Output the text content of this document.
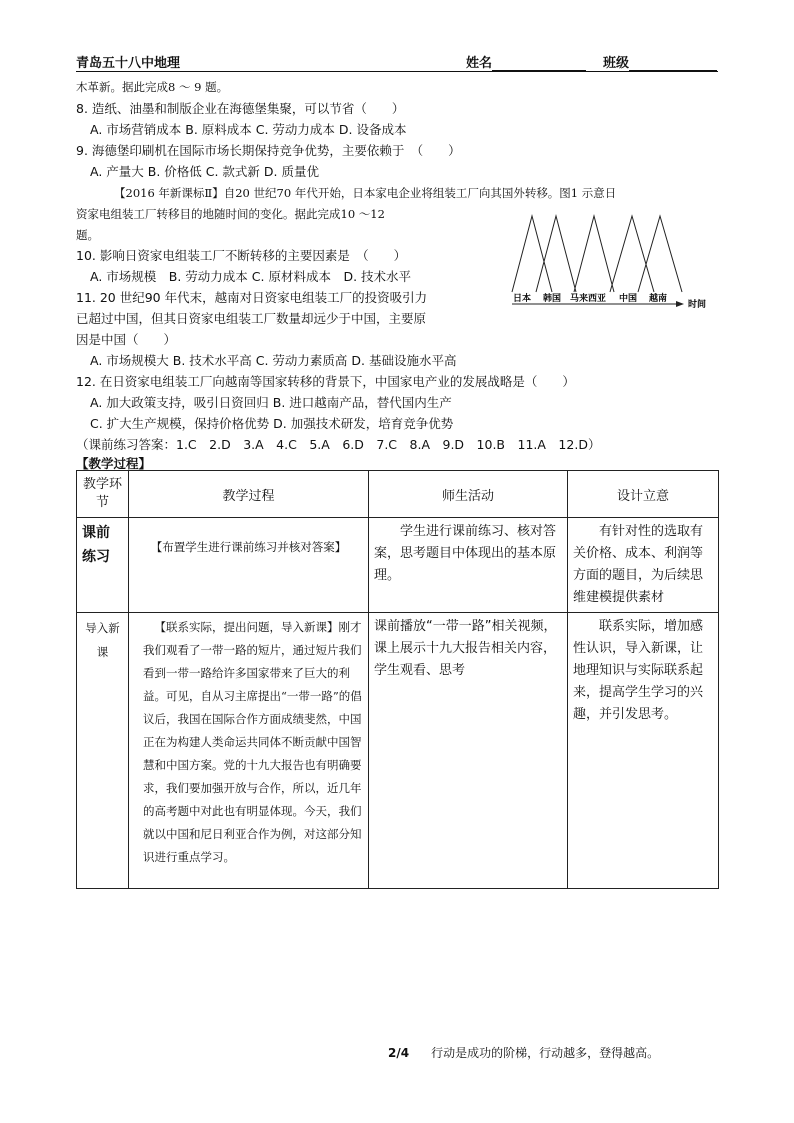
青岛五十八中地理	姓名	班级
木革新。据此完成8 ～ 9 题。
8. 造纸、油墨和制版企业在海德堡集聚，可以节省（　　）
A. 市场营销成本 B. 原料成本 C. 劳动力成本 D. 设备成本
9. 海德堡印刷机在国际市场长期保持竞争优势，主要依赖于　（　　）
A. 产量大 B. 价格低 C. 款式新 D. 质量优
【2016 年新课标Ⅱ】自20 世纪70 年代开始，日本家电企业将组装工厂向其国外转移。图1 示意日
资家电组装工厂转移目的地随时间的变化。据此完成10 ～12
题。
10. 影响日资家电组装工厂不断转移的主要因素是　（　　）
A. 市场规模　B. 劳动力成本 C. 原材料成本　D. 技术水平
11. 20 世纪90 年代末，越南对日资家电组装工厂的投资吸引力
已超过中国，但其日资家电组装工厂数量却远少于中国，主要原
因是中国（　　）
A. 市场规模大 B. 技术水平高 C. 劳动力素质高 D. 基础设施水平高
12. 在日资家电组装工厂向越南等国家转移的背景下，中国家电产业的发展战略是（　　）
A. 加大政策支持，吸引日资回归 B. 进口越南产品，替代国内生产
C. 扩大生产规模，保持价格优势 D. 加强技术研发，培育竞争优势
（课前练习答案：1.C　2.D　3.A　4.C　5.A　6.D　7.C　8.A　9.D　10.B　11.A　12.D）
【教学过程】
日本 韩国 马来西亚 中国 越南
时间
教学环节	教学过程	师生活动	设计立意
课前练习	【布置学生进行课前练习并核对答案】	学生进行课前练习、核对答案，思考题目中体现出的基本原理。	有针对性的选取有关价格、成本、利润等方面的题目，为后续思维建模提供素材
导入新课	【联系实际，提出问题，导入新课】刚才我们观看了一带一路的短片，通过短片我们看到一带一路给许多国家带来了巨大的利益。可见，自从习主席提出“一带一路”的倡议后，我国在国际合作方面成绩斐然，中国正在为构建人类命运共同体不断贡献中国智慧和中国方案。党的十九大报告也有明确要求，我们要加强开放与合作，所以，近几年的高考题中对此也有明显体现。今天，我们就以中国和尼日利亚合作为例，对这部分知识进行重点学习。	课前播放“一带一路”相关视频，课上展示十九大报告相关内容，学生观看、思考	联系实际，增加感性认识，导入新课，让地理知识与实际联系起来，提高学生学习的兴趣，并引发思考。
2/4 行动是成功的阶梯，行动越多，登得越高。
